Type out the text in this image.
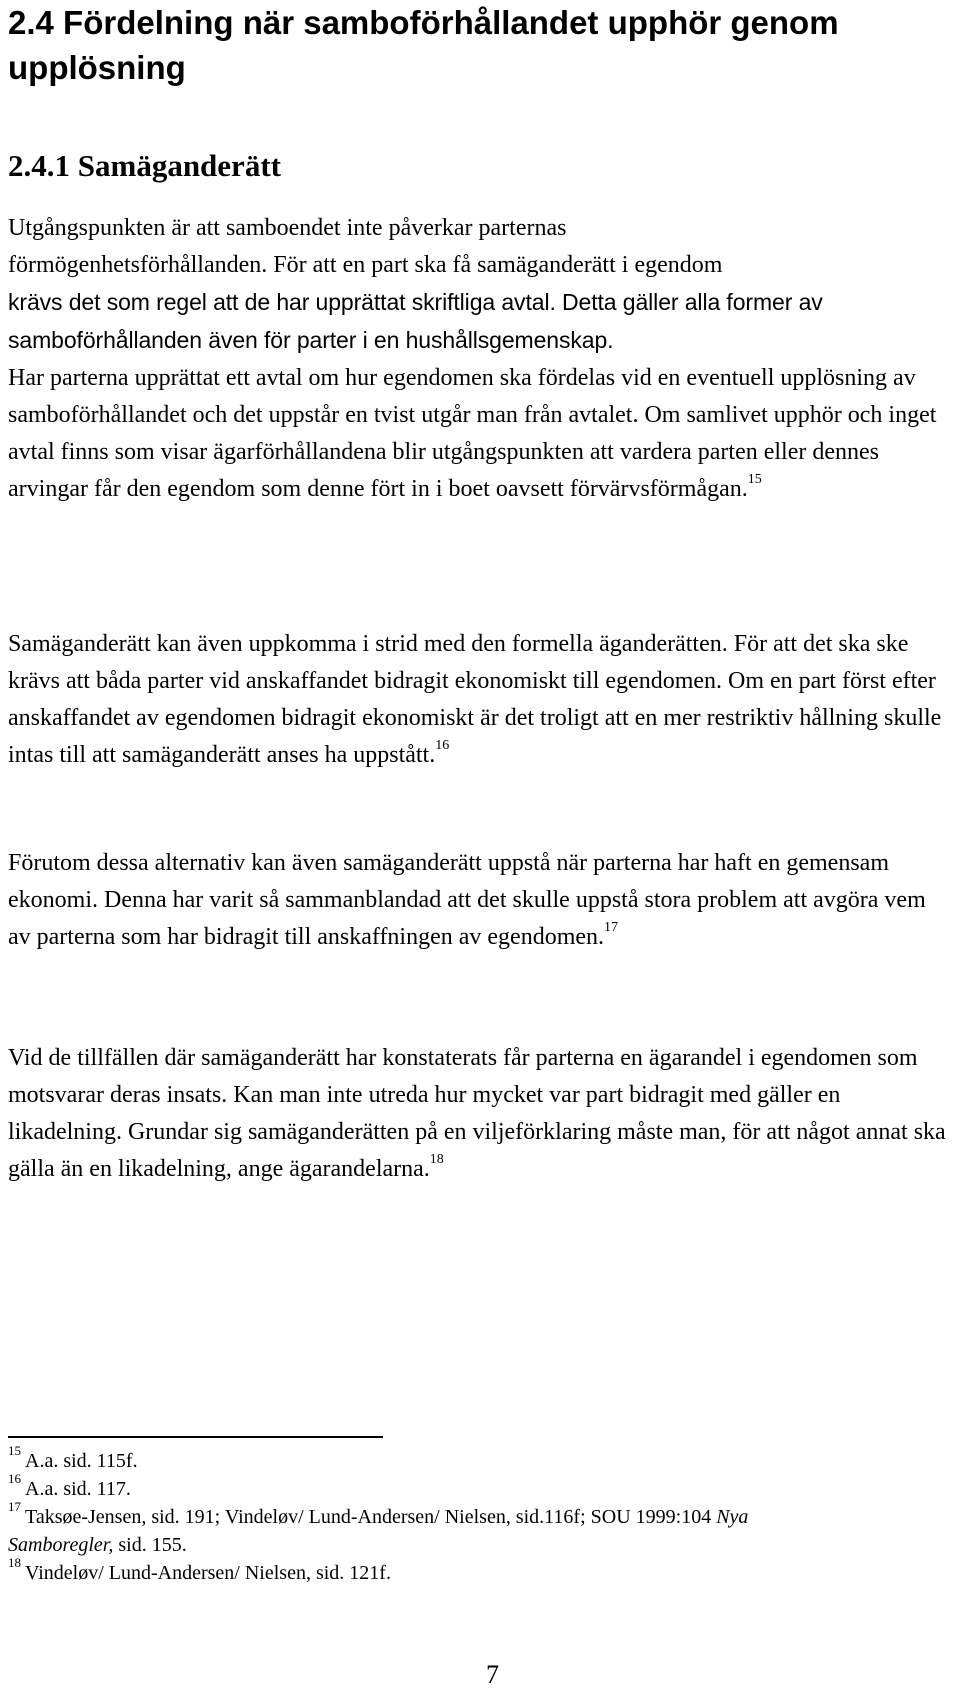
2.4 Fördelning när samboförhållandet upphör genom upplösning
2.4.1 Samäganderätt
Utgångspunkten är att samboendet inte påverkar parternas
förmögenhetsförhållanden. För att en part ska få samäganderätt i egendom
krävs det som regel att de har upprättat skriftliga avtal. Detta gäller alla former av
samboförhållanden även för parter i en hushållsgemenskap.
Har parterna upprättat ett avtal om hur egendomen ska fördelas vid en eventuell upplösning av samboförhållandet och det uppstår en tvist utgår man från avtalet. Om samlivet upphör och inget avtal finns som visar ägarförhållandena blir utgångspunkten att vardera parten eller dennes arvingar får den egendom som denne fört in i boet oavsett förvärvsförmågan.$^{15}$
Samäganderätt kan även uppkomma i strid med den formella äganderätten. För att det ska ske krävs att båda parter vid anskaffandet bidragit ekonomiskt till egendomen. Om en part först efter anskaffandet av egendomen bidragit ekonomiskt är det troligt att en mer restriktiv hållning skulle intas till att samäganderätt anses ha uppstått.$^{16}$
Förutom dessa alternativ kan även samäganderätt uppstå när parterna har haft en gemensam ekonomi. Denna har varit så sammanblandad att det skulle uppstå stora problem att avgöra vem av parterna som har bidragit till anskaffningen av egendomen.$^{17}$
Vid de tillfällen där samäganderätt har konstaterats får parterna en ägarandel i egendomen som motsvarar deras insats. Kan man inte utreda hur mycket var part bidragit med gäller en likadelning. Grundar sig samäganderätten på en viljeförklaring måste man, för att något annat ska gälla än en likadelning, ange ägarandelarna.$^{18}$

$^{15}$ A.a. sid. 115f.

$^{16}$ A.a. sid. 117.

$^{17}$ Taksøe-Jensen, sid. 191; Vindeløv/ Lund-Andersen/ Nielsen, sid.116f; SOU 1999:104 Nya
Samboregler, sid. 155.

$^{18}$ Vindeløv/ Lund-Andersen/ Nielsen, sid. 121f.

7
